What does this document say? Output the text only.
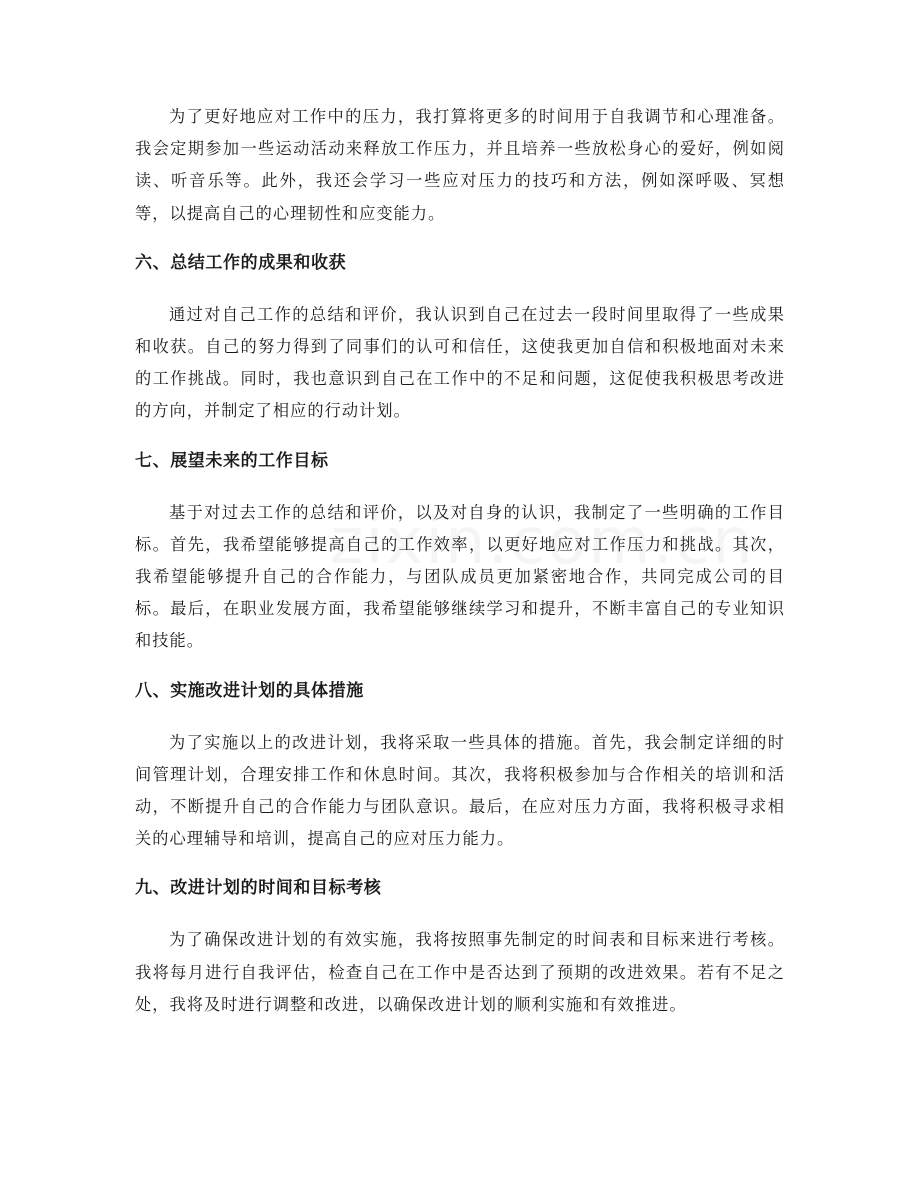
为了更好地应对工作中的压力，我打算将更多的时间用于自我调节和心理准备。我会定期参加一些运动活动来释放工作压力，并且培养一些放松身心的爱好，例如阅读、听音乐等。此外，我还会学习一些应对压力的技巧和方法，例如深呼吸、冥想等，以提高自己的心理韧性和应变能力。

六、总结工作的成果和收获

通过对自己工作的总结和评价，我认识到自己在过去一段时间里取得了一些成果和收获。自己的努力得到了同事们的认可和信任，这使我更加自信和积极地面对未来的工作挑战。同时，我也意识到自己在工作中的不足和问题，这促使我积极思考改进的方向，并制定了相应的行动计划。

七、展望未来的工作目标

基于对过去工作的总结和评价，以及对自身的认识，我制定了一些明确的工作目标。首先，我希望能够提高自己的工作效率，以更好地应对工作压力和挑战。其次，我希望能够提升自己的合作能力，与团队成员更加紧密地合作，共同完成公司的目标。最后，在职业发展方面，我希望能够继续学习和提升，不断丰富自己的专业知识和技能。

八、实施改进计划的具体措施

为了实施以上的改进计划，我将采取一些具体的措施。首先，我会制定详细的时间管理计划，合理安排工作和休息时间。其次，我将积极参加与合作相关的培训和活动，不断提升自己的合作能力与团队意识。最后，在应对压力方面，我将积极寻求相关的心理辅导和培训，提高自己的应对压力能力。

九、改进计划的时间和目标考核

为了确保改进计划的有效实施，我将按照事先制定的时间表和目标来进行考核。我将每月进行自我评估，检查自己在工作中是否达到了预期的改进效果。若有不足之处，我将及时进行调整和改进，以确保改进计划的顺利实施和有效推进。
